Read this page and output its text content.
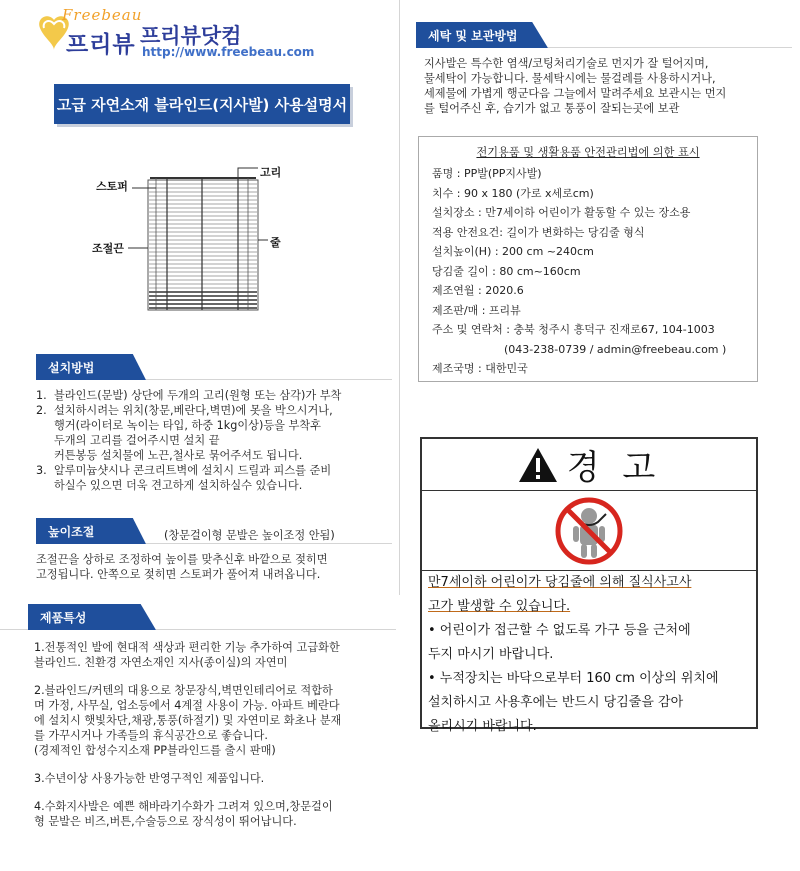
Freebeau
프리뷰 프리뷰닷컴
http://www.freebeau.com
고급 자연소재 블라인드(지사발) 사용설명서
스토퍼
고리
줄
조절끈
세탁 및 보관방법
지사발은 특수한 염색/코팅처리기술로 먼지가 잘 털어지며,
물세탁이 가능합니다. 물세탁시에는 물걸레를 사용하시거나,
세제물에 가볍게 행군다음 그늘에서 말려주세요 보관시는 먼지
를 털어주신 후, 습기가 없고 통풍이 잘되는곳에 보관
전기용품 및 생활용품 안전관리법에 의한 표시
품명 : PP발(PP지사발)
치수 : 90 x 180 (가로 x세로cm)
설치장소 : 만7세이하 어린이가 활동할 수 있는 장소용
적용 안전요건: 길이가 변화하는 당김줄 형식
설치높이(H) : 200 cm ~240cm
당김줄 길이 : 80 cm~160cm
제조연월 : 2020.6
제조판/매 : 프리뷰
주소 및 연락처 : 충북 청주시 흥덕구 진재로67, 104-1003
(043-238-0739 / admin@freebeau.com )
제조국명 : 대한민국
설치방법
1. 블라인드(문발) 상단에 두개의 고리(원형 또는 삼각)가 부착
2. 설치하시려는 위치(창문,베란다,벽면)에 못을 박으시거나,
행거(라이터로 녹이는 타입, 하중 1kg이상)등을 부착후
두개의 고리를 걸어주시면 설치 끝
커튼봉등 설치물에 노끈,철사로 묶어주셔도 됩니다.
3. 알루미늄샷시나 콘크리트벽에 설치시 드릴과 피스를 준비
하실수 있으면 더욱 견고하게 설치하실수 있습니다.
높이조절	(창문걸이형 문발은 높이조정 안됨)
조절끈을 상하로 조정하여 높이를 맞추신후 바깥으로 젖히면
고정됩니다. 안쪽으로 젖히면 스토퍼가 풀어져 내려옵니다.
제품특성

1.전통적인 발에 현대적 색상과 편리한 기능 추가하여 고급화한
블라인드. 친환경 자연소재인 지사(종이실)의 자연미

2.블라인드/커텐의 대용으로 창문장식,벽면인테리어로 적합하
며 가정, 사무실, 업소등에서 4계절 사용이 가능. 아파트 베란다
에 설치시 햇빛차단,채광,통풍(하절기) 및 자연미로 화초나 분재
를 가꾸시거나 가족들의 휴식공간으로 좋습니다.
(경제적인 합성수지소재 PP블라인드를 출시 판매)

3.수년이상 사용가능한 반영구적인 제품입니다.

4.수화지사발은 예쁜 해바라기수화가 그려져 있으며,창문걸이
형 문발은 비즈,버튼,수술등으로 장식성이 뛰어납니다.

경 고
만7세이하 어린이가 당김줄에 의해 질식사고사
고가 발생할 수 있습니다.
• 어린이가 접근할 수 없도록 가구 등을 근처에
두지 마시기 바랍니다.
• 누적장치는 바닥으로부터 160 cm 이상의 위치에
설치하시고 사용후에는 반드시 당김줄을 감아
올리시기 바랍니다.
